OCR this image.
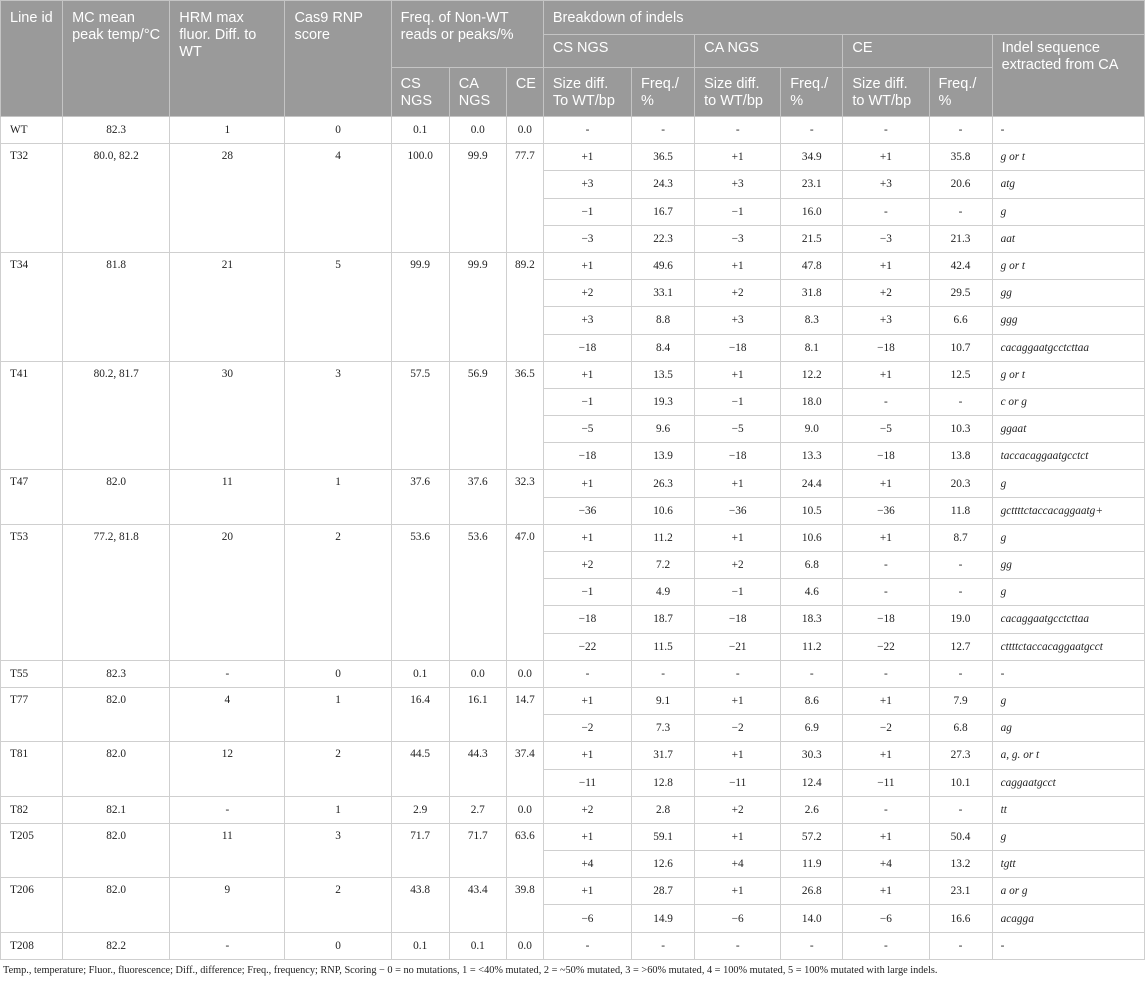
Line id	MC mean peak temp/°C	HRM max fluor. Diff. to WT	Cas9 RNP score	Freq. of Non-WT reads or peaks/%			Breakdown of indels						
							CS NGS		CA NGS		CE		Indel sequence extracted from CA
				CS NGS	CA NGS	CE	Size diff. To WT/bp	Freq./ %	Size diff. to WT/bp	Freq./ %	Size diff. to WT/bp	Freq./ %	
WT	82.3	1	0	0.1	0.0	0.0	-	-	-	-	-	-	-
T32	80.0, 82.2	28	4	100.0	99.9	77.7	+1	36.5	+1	34.9	+1	35.8	g or t
							+3	24.3	+3	23.1	+3	20.6	atg
							−1	16.7	−1	16.0	-	-	g
							−3	22.3	−3	21.5	−3	21.3	aat
T34	81.8	21	5	99.9	99.9	89.2	+1	49.6	+1	47.8	+1	42.4	g or t
							+2	33.1	+2	31.8	+2	29.5	gg
							+3	8.8	+3	8.3	+3	6.6	ggg
							−18	8.4	−18	8.1	−18	10.7	cacaggaatgcctcttaa
T41	80.2, 81.7	30	3	57.5	56.9	36.5	+1	13.5	+1	12.2	+1	12.5	g or t
							−1	19.3	−1	18.0	-	-	c or g
							−5	9.6	−5	9.0	−5	10.3	ggaat
							−18	13.9	−18	13.3	−18	13.8	taccacaggaatgcctct
T47	82.0	11	1	37.6	37.6	32.3	+1	26.3	+1	24.4	+1	20.3	g
							−36	10.6	−36	10.5	−36	11.8	gcttttctaccacaggaatg+
T53	77.2, 81.8	20	2	53.6	53.6	47.0	+1	11.2	+1	10.6	+1	8.7	g
							+2	7.2	+2	6.8	-	-	gg
							−1	4.9	−1	4.6	-	-	g
							−18	18.7	−18	18.3	−18	19.0	cacaggaatgcctcttaa
							−22	11.5	−21	11.2	−22	12.7	cttttctaccacaggaatgcct
T55	82.3	-	0	0.1	0.0	0.0	-	-	-	-	-	-	-
T77	82.0	4	1	16.4	16.1	14.7	+1	9.1	+1	8.6	+1	7.9	g
							−2	7.3	−2	6.9	−2	6.8	ag
T81	82.0	12	2	44.5	44.3	37.4	+1	31.7	+1	30.3	+1	27.3	a, g. or t
							−11	12.8	−11	12.4	−11	10.1	caggaatgcct
T82	82.1	-	1	2.9	2.7	0.0	+2	2.8	+2	2.6	-	-	tt
T205	82.0	11	3	71.7	71.7	63.6	+1	59.1	+1	57.2	+1	50.4	g
							+4	12.6	+4	11.9	+4	13.2	tgtt
T206	82.0	9	2	43.8	43.4	39.8	+1	28.7	+1	26.8	+1	23.1	a or g
							−6	14.9	−6	14.0	−6	16.6	acagga
T208	82.2	-	0	0.1	0.1	0.0	-	-	-	-	-	-	-
Temp., temperature; Fluor., fluorescence; Diff., difference; Freq., frequency; RNP, Scoring − 0 = no mutations, 1 = <40% mutated, 2 = ~50% mutated, 3 = >60% mutated, 4 = 100% mutated, 5 = 100% mutated with large indels.
